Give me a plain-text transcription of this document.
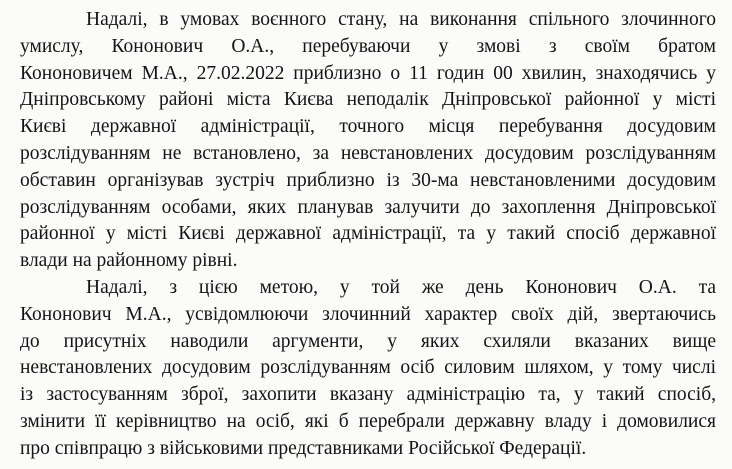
Надалі, в умовах воєнного стану, на виконання спільного злочинного
умислу, Кононович О.А., перебуваючи у змові з своїм братом
Кононовичем М.А., 27.02.2022 приблизно о 11 годин 00 хвилин, знаходячись у
Дніпровському районі міста Києва неподалік Дніпровської районної у місті
Києві державної адміністрації, точного місця перебування досудовим
розслідуванням не встановлено, за невстановлених досудовим розслідуванням
обставин організував зустріч приблизно із 30-ма невстановленими досудовим
розслідуванням особами, яких планував залучити до захоплення Дніпровської
районної у місті Києві державної адміністрації, та у такий спосіб державної
влади на районному рівні.
Надалі, з цією метою, у той же день Кононович О.А. та
Кононович М.А., усвідомлюючи злочинний характер своїх дій, звертаючись
до присутніх наводили аргументи, у яких схиляли вказаних вище
невстановлених досудовим розслідуванням осіб силовим шляхом, у тому числі
із застосуванням зброї, захопити вказану адміністрацію та, у такий спосіб,
змінити її керівництво на осіб, які б перебрали державну владу і домовилися
про співпрацю з військовими представниками Російської Федерації.
